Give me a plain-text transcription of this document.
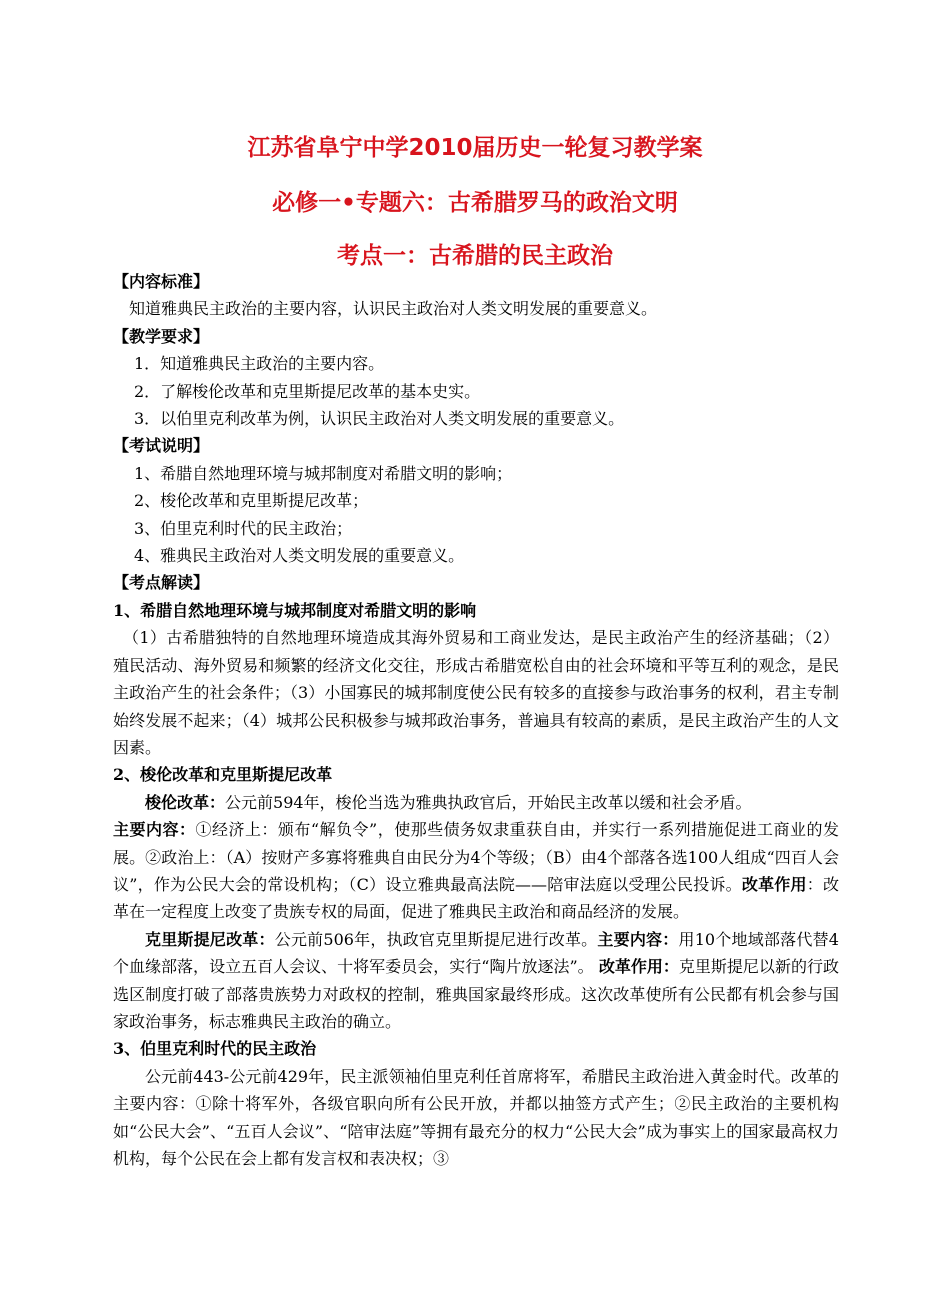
江苏省阜宁中学2010届历史一轮复习教学案
必修一•专题六：古希腊罗马的政治文明
考点一：古希腊的民主政治

【内容标准】

知道雅典民主政治的主要内容，认识民主政治对人类文明发展的重要意义。

【教学要求】

1．知道雅典民主政治的主要内容。

2．了解梭伦改革和克里斯提尼改革的基本史实。

3．以伯里克利改革为例，认识民主政治对人类文明发展的重要意义。

【考试说明】

1、希腊自然地理环境与城邦制度对希腊文明的影响；

2、梭伦改革和克里斯提尼改革；

3、伯里克利时代的民主政治；

4、雅典民主政治对人类文明发展的重要意义。

【考点解读】

1、希腊自然地理环境与城邦制度对希腊文明的影响

（1）古希腊独特的自然地理环境造成其海外贸易和工商业发达，是民主政治产生的经济基础；（2）殖民活动、海外贸易和频繁的经济文化交往，形成古希腊宽松自由的社会环境和平等互利的观念，是民主政治产生的社会条件；（3）小国寡民的城邦制度使公民有较多的直接参与政治事务的权利，君主专制始终发展不起来；（4）城邦公民积极参与城邦政治事务，普遍具有较高的素质，是民主政治产生的人文因素。

2、梭伦改革和克里斯提尼改革

梭伦改革：公元前594年，梭伦当选为雅典执政官后，开始民主改革以缓和社会矛盾。

主要内容：①经济上：颁布“解负令”，使那些债务奴隶重获自由，并实行一系列措施促进工商业的发展。②政治上：（A）按财产多寡将雅典自由民分为4个等级；（B）由4个部落各选100人组成“四百人会议”，作为公民大会的常设机构；（C）设立雅典最高法院——陪审法庭以受理公民投诉。改革作用：改革在一定程度上改变了贵族专权的局面，促进了雅典民主政治和商品经济的发展。

克里斯提尼改革：公元前506年，执政官克里斯提尼进行改革。主要内容：用10个地域部落代替4个血缘部落，设立五百人会议、十将军委员会，实行“陶片放逐法”。 改革作用：克里斯提尼以新的行政选区制度打破了部落贵族势力对政权的控制，雅典国家最终形成。这次改革使所有公民都有机会参与国家政治事务，标志雅典民主政治的确立。

3、伯里克利时代的民主政治

公元前443-公元前429年，民主派领袖伯里克利任首席将军，希腊民主政治进入黄金时代。改革的主要内容：①除十将军外，各级官职向所有公民开放，并都以抽签方式产生；②民主政治的主要机构如“公民大会”、“五百人会议”、“陪审法庭”等拥有最充分的权力“公民大会”成为事实上的国家最高权力机构，每个公民在会上都有发言权和表决权；③
